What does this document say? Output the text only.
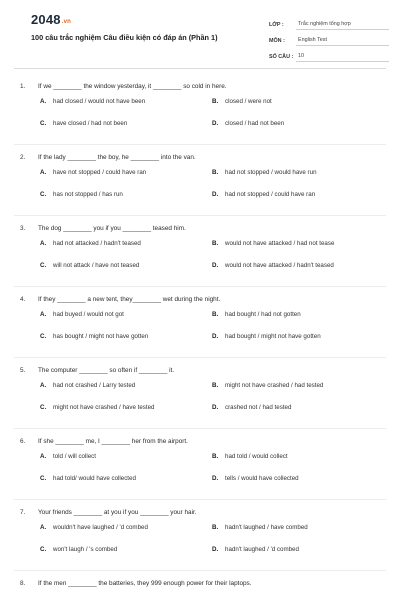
2048.vn
100 câu trắc nghiệm Câu điều kiện có đáp án (Phần 1)
LỚP :	Trắc nghiệm tổng hợp
MÔN :	English Test
SỐ CÂU : 10
1.	If we ________ the window yesterday, it ________ so cold in here.
A. had closed / would not have been	B. closed / were not
C. have closed / had not been	D. closed / had not been
2.	If the lady ________ the boy, he ________ into the van.
A. have not stopped / could have ran	B. had not stopped / would have run
C. has not stopped / has run	D. had not stopped / could have ran
3.	The dog ________ you if you ________ teased him.
A. had not attacked / hadn't teased	B. would not have attacked / had not tease
C. will not attack / have not teased	D. would not have attacked / hadn't teased
4.	If they ________ a new tent, they________ wet during the night.
A. had buyed / would not got	B. had bought / had not gotten
C. has bought / might not have gotten	D. had bought / might not have gotten
5.	The computer ________ so often if ________ it.
A. had not crashed / Larry tested	B. might not have crashed / had tested
C. might not have crashed / have tested	D. crashed not / had tested
6.	If she ________ me, I ________ her from the airport.
A. told / will collect	B. had told / would collect
C. had told/ would have collected	D. tells / would have collected
7.	Your friends ________ at you if you ________ your hair.
A. wouldn't have laughed / 'd combed	B. hadn't laughed / have combed
C. won't laugh / 's combed	D. hadn't laughed / 'd combed
8.	If the men ________ the batteries, they 999 enough power for their laptops.
